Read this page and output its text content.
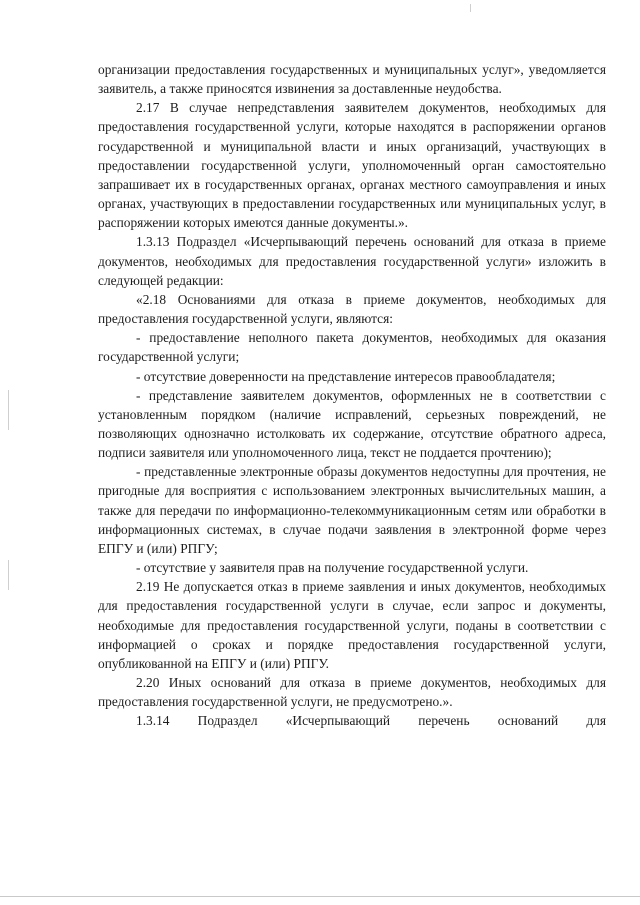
организации предоставления государственных и муниципальных услуг», уведомляется заявитель, а также приносятся извинения за доставленные неудобства.

2.17 В случае непредставления заявителем документов, необходимых для предоставления государственной услуги, которые находятся в распоряжении органов государственной и муниципальной власти и иных организаций, участвующих в предоставлении государственной услуги, уполномоченный орган самостоятельно запрашивает их в государственных органах, органах местного самоуправления и иных органах, участвующих в предоставлении государственных или муниципальных услуг, в распоряжении которых имеются данные документы.».

1.3.13 Подраздел «Исчерпывающий перечень оснований для отказа в приеме документов, необходимых для предоставления государственной услуги» изложить в следующей редакции:

«2.18 Основаниями для отказа в приеме документов, необходимых для предоставления государственной услуги, являются:

- предоставление неполного пакета документов, необходимых для оказания государственной услуги;

- отсутствие доверенности на представление интересов правообладателя;

- представление заявителем документов, оформленных не в соответствии с установленным порядком (наличие исправлений, серьезных повреждений, не позволяющих однозначно истолковать их содержание, отсутствие обратного адреса, подписи заявителя или уполномоченного лица, текст не поддается прочтению);

- представленные электронные образы документов недоступны для прочтения, не пригодные для восприятия с использованием электронных вычислительных машин, а также для передачи по информационно-телекоммуникационным сетям или обработки в информационных системах, в случае подачи заявления в электронной форме через ЕПГУ и (или) РПГУ;

- отсутствие у заявителя прав на получение государственной услуги.

2.19 Не допускается отказ в приеме заявления и иных документов, необходимых для предоставления государственной услуги в случае, если запрос и документы, необходимые для предоставления государственной услуги, поданы в соответствии с информацией о сроках и порядке предоставления государственной услуги, опубликованной на ЕПГУ и (или) РПГУ.

2.20 Иных оснований для отказа в приеме документов, необходимых для предоставления государственной услуги, не предусмотрено.».

1.3.14 Подраздел «Исчерпывающий перечень оснований для
